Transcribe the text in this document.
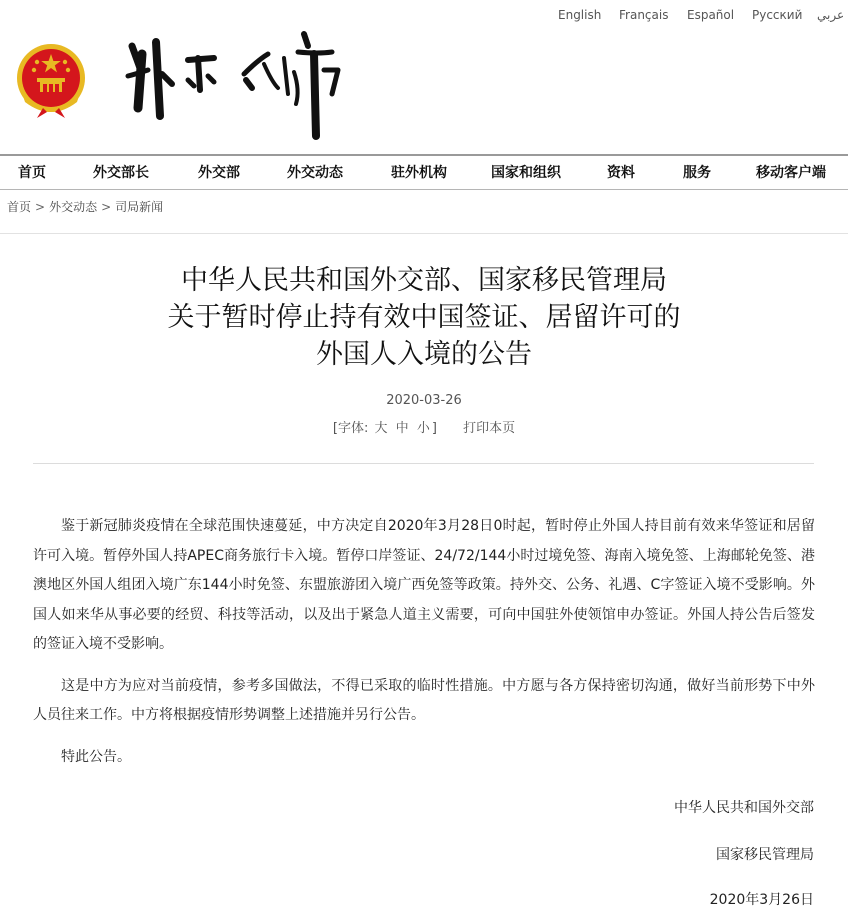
English Français Español Русский عربي
首页	外交部长	外交部	外交动态	驻外机构	国家和组织	资料	服务	移动客户端
首页 > 外交动态 > 司局新闻
中华人民共和国外交部、国家移民管理局
关于暂时停止持有效中国签证、居留许可的
外国人入境的公告
2020-03-26
[字体: 大 中 小 ] 打印本页

鉴于新冠肺炎疫情在全球范围快速蔓延，中方决定自2020年3月28日0时起，暂时停止外国人持目前有效来华签证和居留许可入境。暂停外国人持APEC商务旅行卡入境。暂停口岸签证、24/72/144小时过境免签、海南入境免签、上海邮轮免签、港澳地区外国人组团入境广东144小时免签、东盟旅游团入境广西免签等政策。持外交、公务、礼遇、C字签证入境不受影响。外国人如来华从事必要的经贸、科技等活动，以及出于紧急人道主义需要，可向中国驻外使领馆申办签证。外国人持公告后签发的签证入境不受影响。

这是中方为应对当前疫情，参考多国做法，不得已采取的临时性措施。中方愿与各方保持密切沟通，做好当前形势下中外人员往来工作。中方将根据疫情形势调整上述措施并另行公告。

特此公告。

中华人民共和国外交部
国家移民管理局
2020年3月26日
